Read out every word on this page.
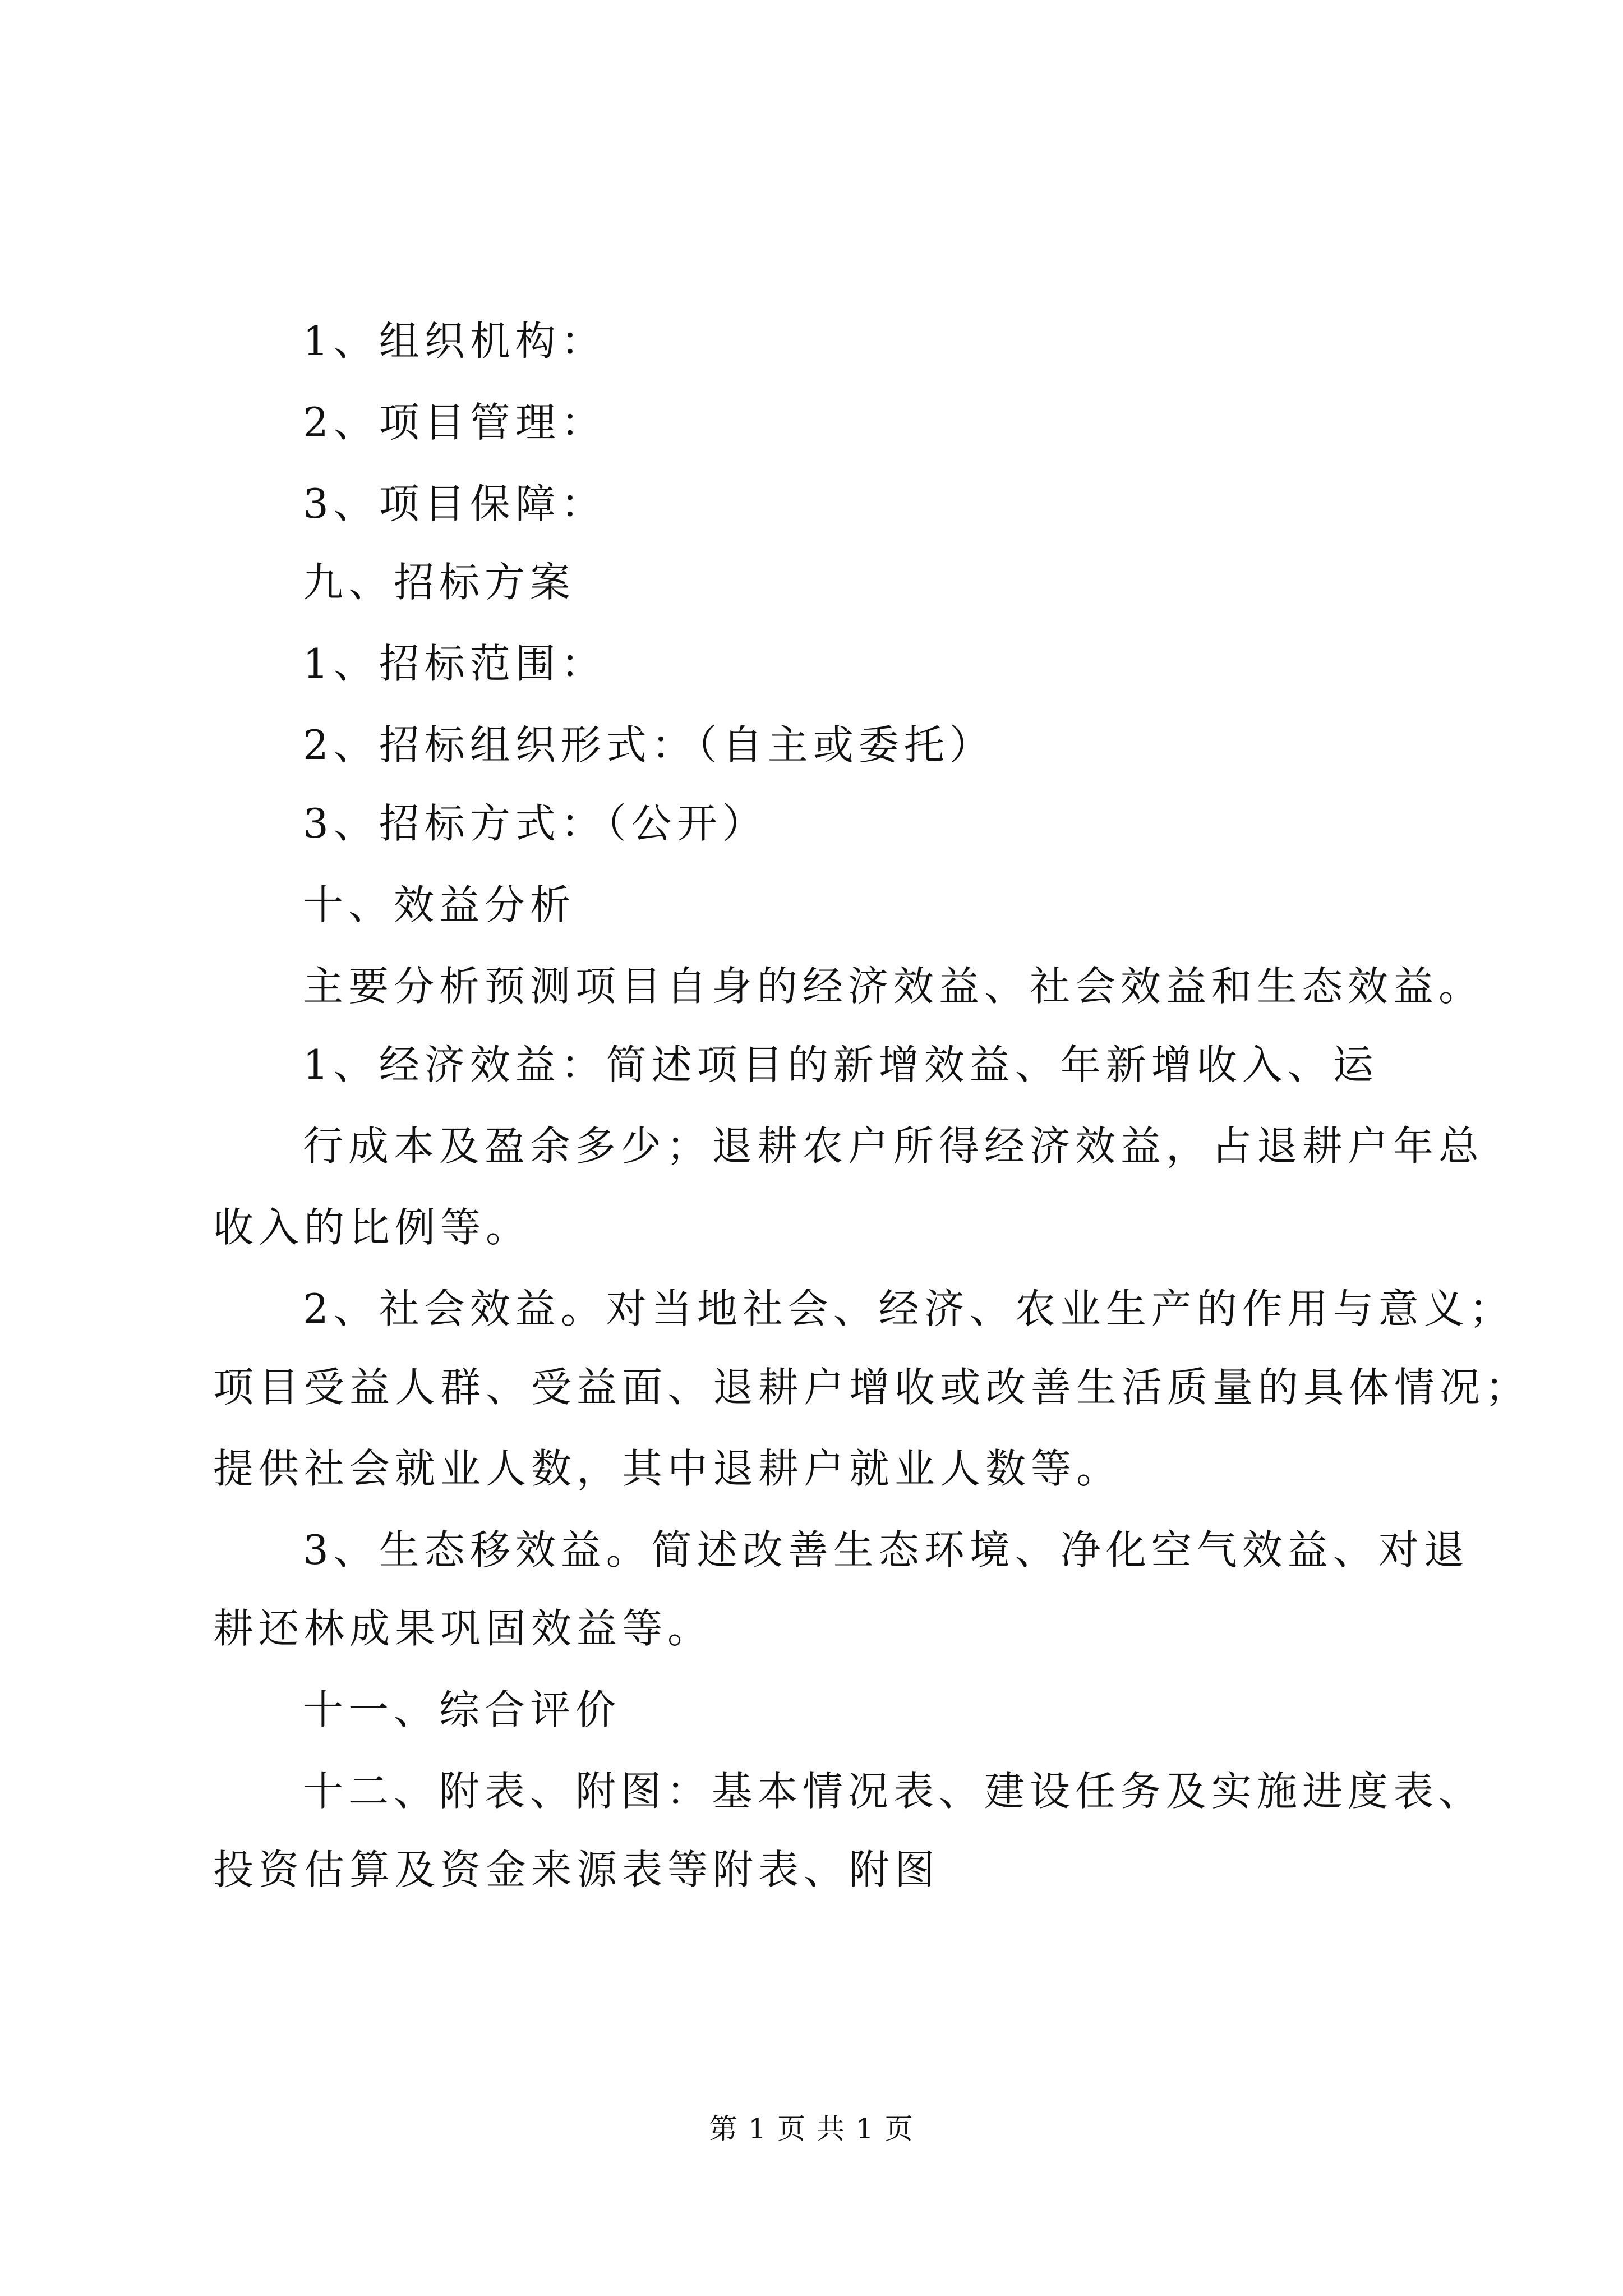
1、组织机构：
2、项目管理：
3、项目保障：
九、招标方案
1、招标范围：
2、招标组织形式：（自主或委托）
3、招标方式：（公开）
十、效益分析
主要分析预测项目自身的经济效益、社会效益和生态效益。
1、经济效益：简述项目的新增效益、年新增收入、运
行成本及盈余多少；退耕农户所得经济效益，占退耕户年总
收入的比例等。
2、社会效益。对当地社会、经济、农业生产的作用与意义；
项目受益人群、受益面、退耕户增收或改善生活质量的具体情况；
提供社会就业人数，其中退耕户就业人数等。
3、生态移效益。简述改善生态环境、净化空气效益、对退
耕还林成果巩固效益等。
十一、综合评价
十二、附表、附图：基本情况表、建设任务及实施进度表、
投资估算及资金来源表等附表、附图
第 1 页 共 1 页
